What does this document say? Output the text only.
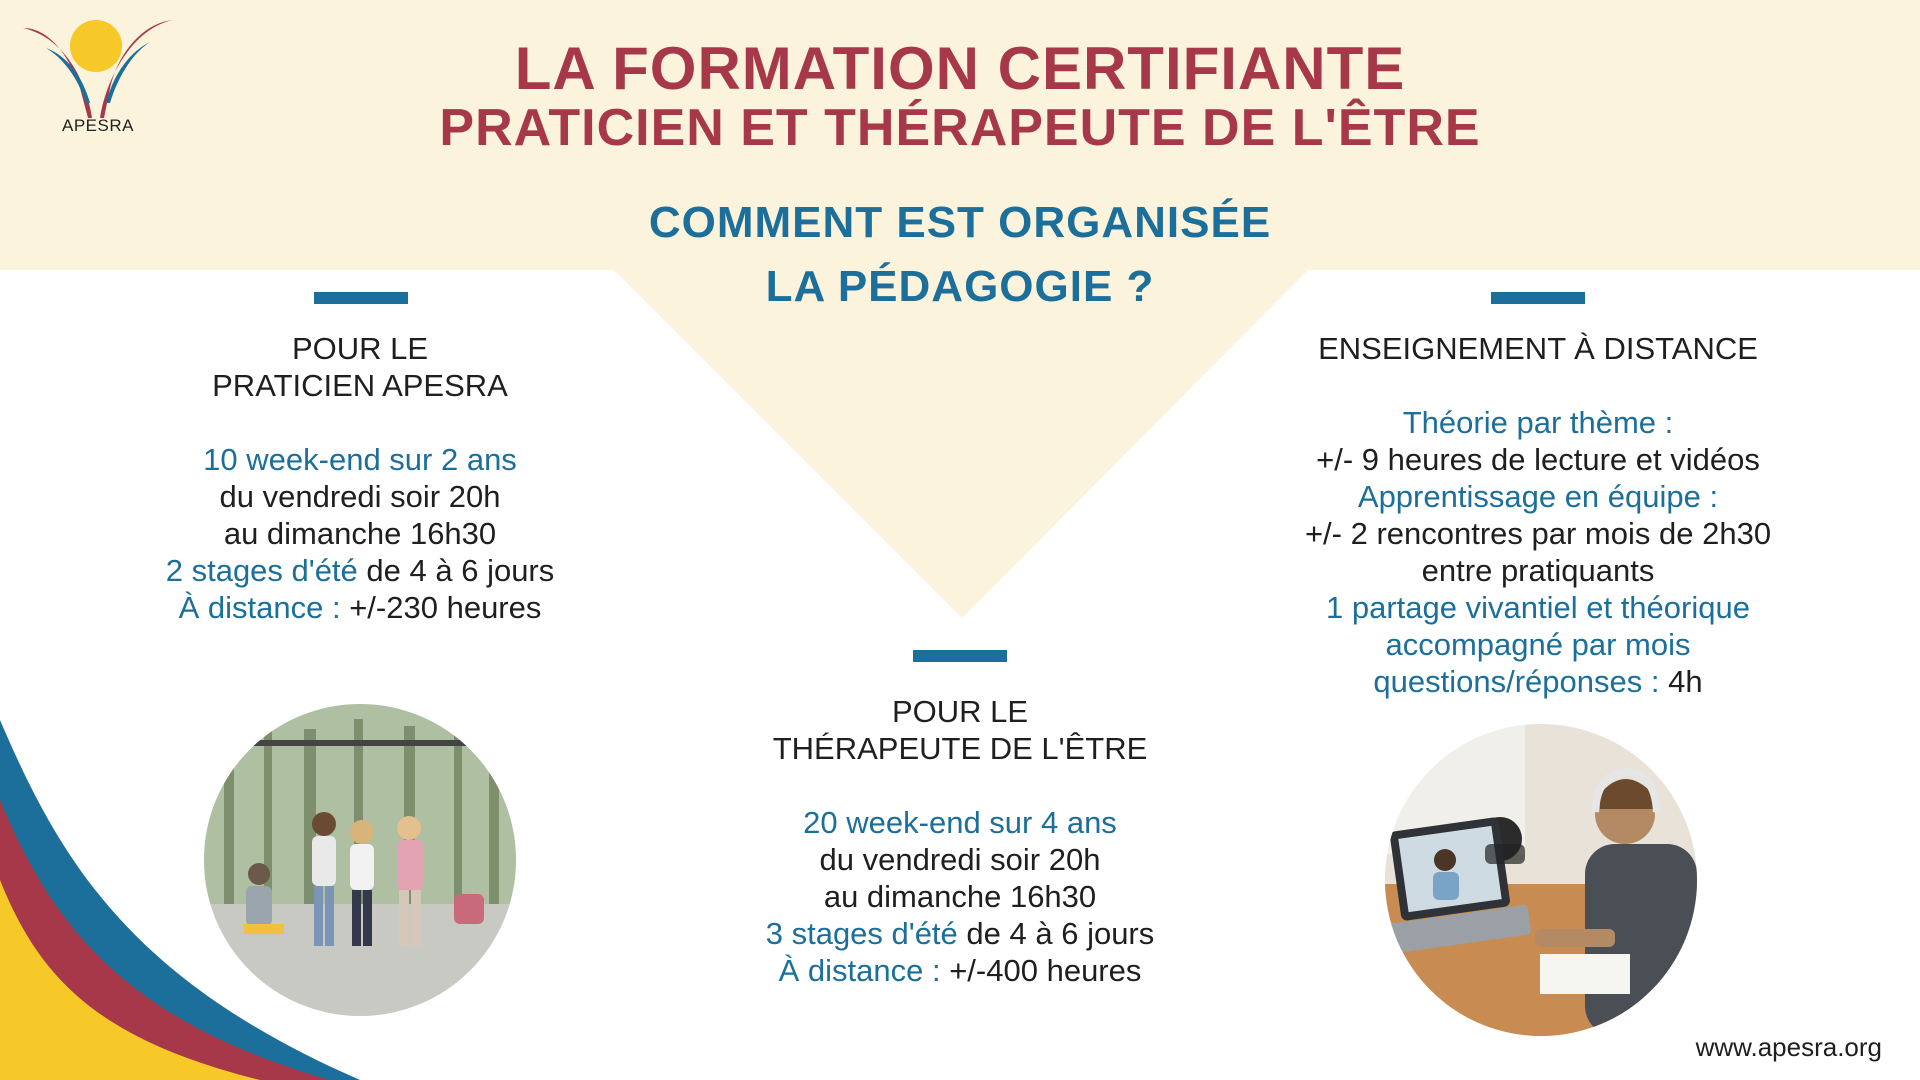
APESRA
LA FORMATION CERTIFIANTE
PRATICIEN ET THÉRAPEUTE DE L'ÊTRE
COMMENT EST ORGANISÉE
LA PÉDAGOGIE ?

POUR LE

PRATICIEN APESRA

10 week-end sur 2 ans

du vendredi soir 20h

au dimanche 16h30

2 stages d'été de 4 à 6 jours

À distance : +/-230 heures

POUR LE

THÉRAPEUTE DE L'ÊTRE

20 week-end sur 4 ans

du vendredi soir 20h

au dimanche 16h30

3 stages d'été de 4 à 6 jours

À distance : +/-400 heures

ENSEIGNEMENT À DISTANCE

Théorie par thème :

+/- 9 heures de lecture et vidéos

Apprentissage en équipe :

+/- 2 rencontres par mois de 2h30

entre pratiquants

1 partage vivantiel et théorique

accompagné par mois

questions/réponses : 4h

www.apesra.org
